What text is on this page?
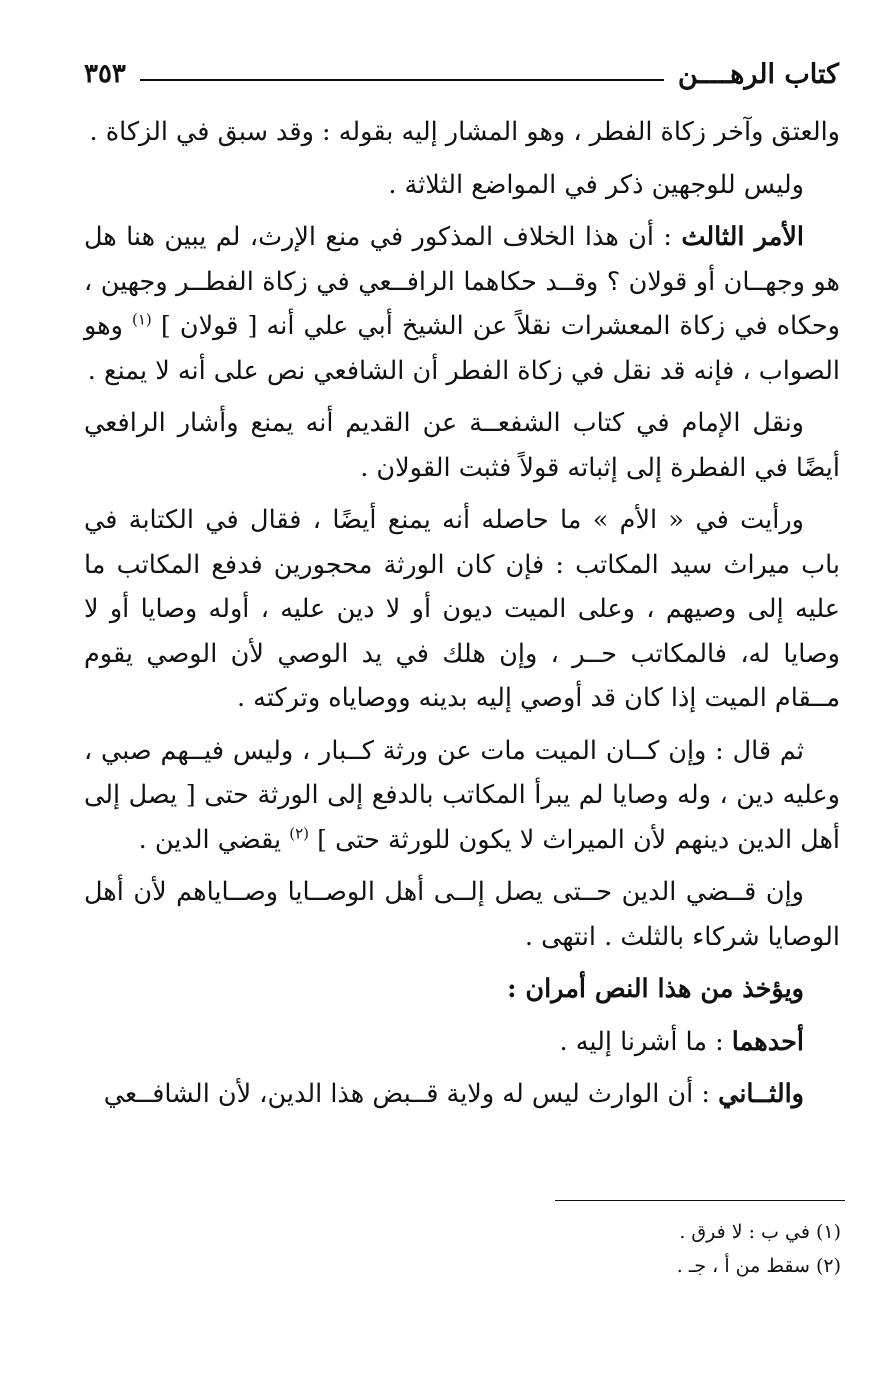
كتاب الرهــــن
٣٥٣

والعتق وآخر زكاة الفطر ، وهو المشار إليه بقوله : وقد سبق في الزكاة .

وليس للوجهين ذكر في المواضع الثلاثة .

الأمر الثالث : أن هذا الخلاف المذكور في منع الإرث، لم يبين هنا هل هو وجهــان أو قولان ؟ وقــد حكاهما الرافــعي في زكاة الفطــر وجهين ، وحكاه في زكاة المعشرات نقلاً عن الشيخ أبي علي أنه [ قولان ] $^{(١)}$ وهو الصواب ، فإنه قد نقل في زكاة الفطر أن الشافعي نص على أنه لا يمنع .

ونقل الإمام في كتاب الشفعــة عن القديم أنه يمنع وأشار الرافعي أيضًا في الفطرة إلى إثباته قولاً فثبت القولان .

ورأيت في « الأم » ما حاصله أنه يمنع أيضًا ، فقال في الكتابة في باب ميراث سيد المكاتب : فإن كان الورثة محجورين فدفع المكاتب ما عليه إلى وصيهم ، وعلى الميت ديون أو لا دين عليه ، أوله وصايا أو لا وصايا له، فالمكاتب حــر ، وإن هلك في يد الوصي لأن الوصي يقوم مــقام الميت إذا كان قد أوصي إليه بدينه ووصاياه وتركته .

ثم قال : وإن كــان الميت مات عن ورثة كــبار ، وليس فيــهم صبي ، وعليه دين ، وله وصايا لم يبرأ المكاتب بالدفع إلى الورثة حتى [ يصل إلى أهل الدين دينهم لأن الميراث لا يكون للورثة حتى ] $^{(٢)}$ يقضي الدين .

وإن قــضي الدين حــتى يصل إلــى أهل الوصــايا وصــاياهم لأن أهل الوصايا شركاء بالثلث . انتهى .

ويؤخذ من هذا النص أمران :

أحدهما : ما أشرنا إليه .

والثــاني : أن الوارث ليس له ولاية قــبض هذا الدين، لأن الشافــعي

(١) في ب : لا فرق .
(٢) سقط من أ ، جـ .
